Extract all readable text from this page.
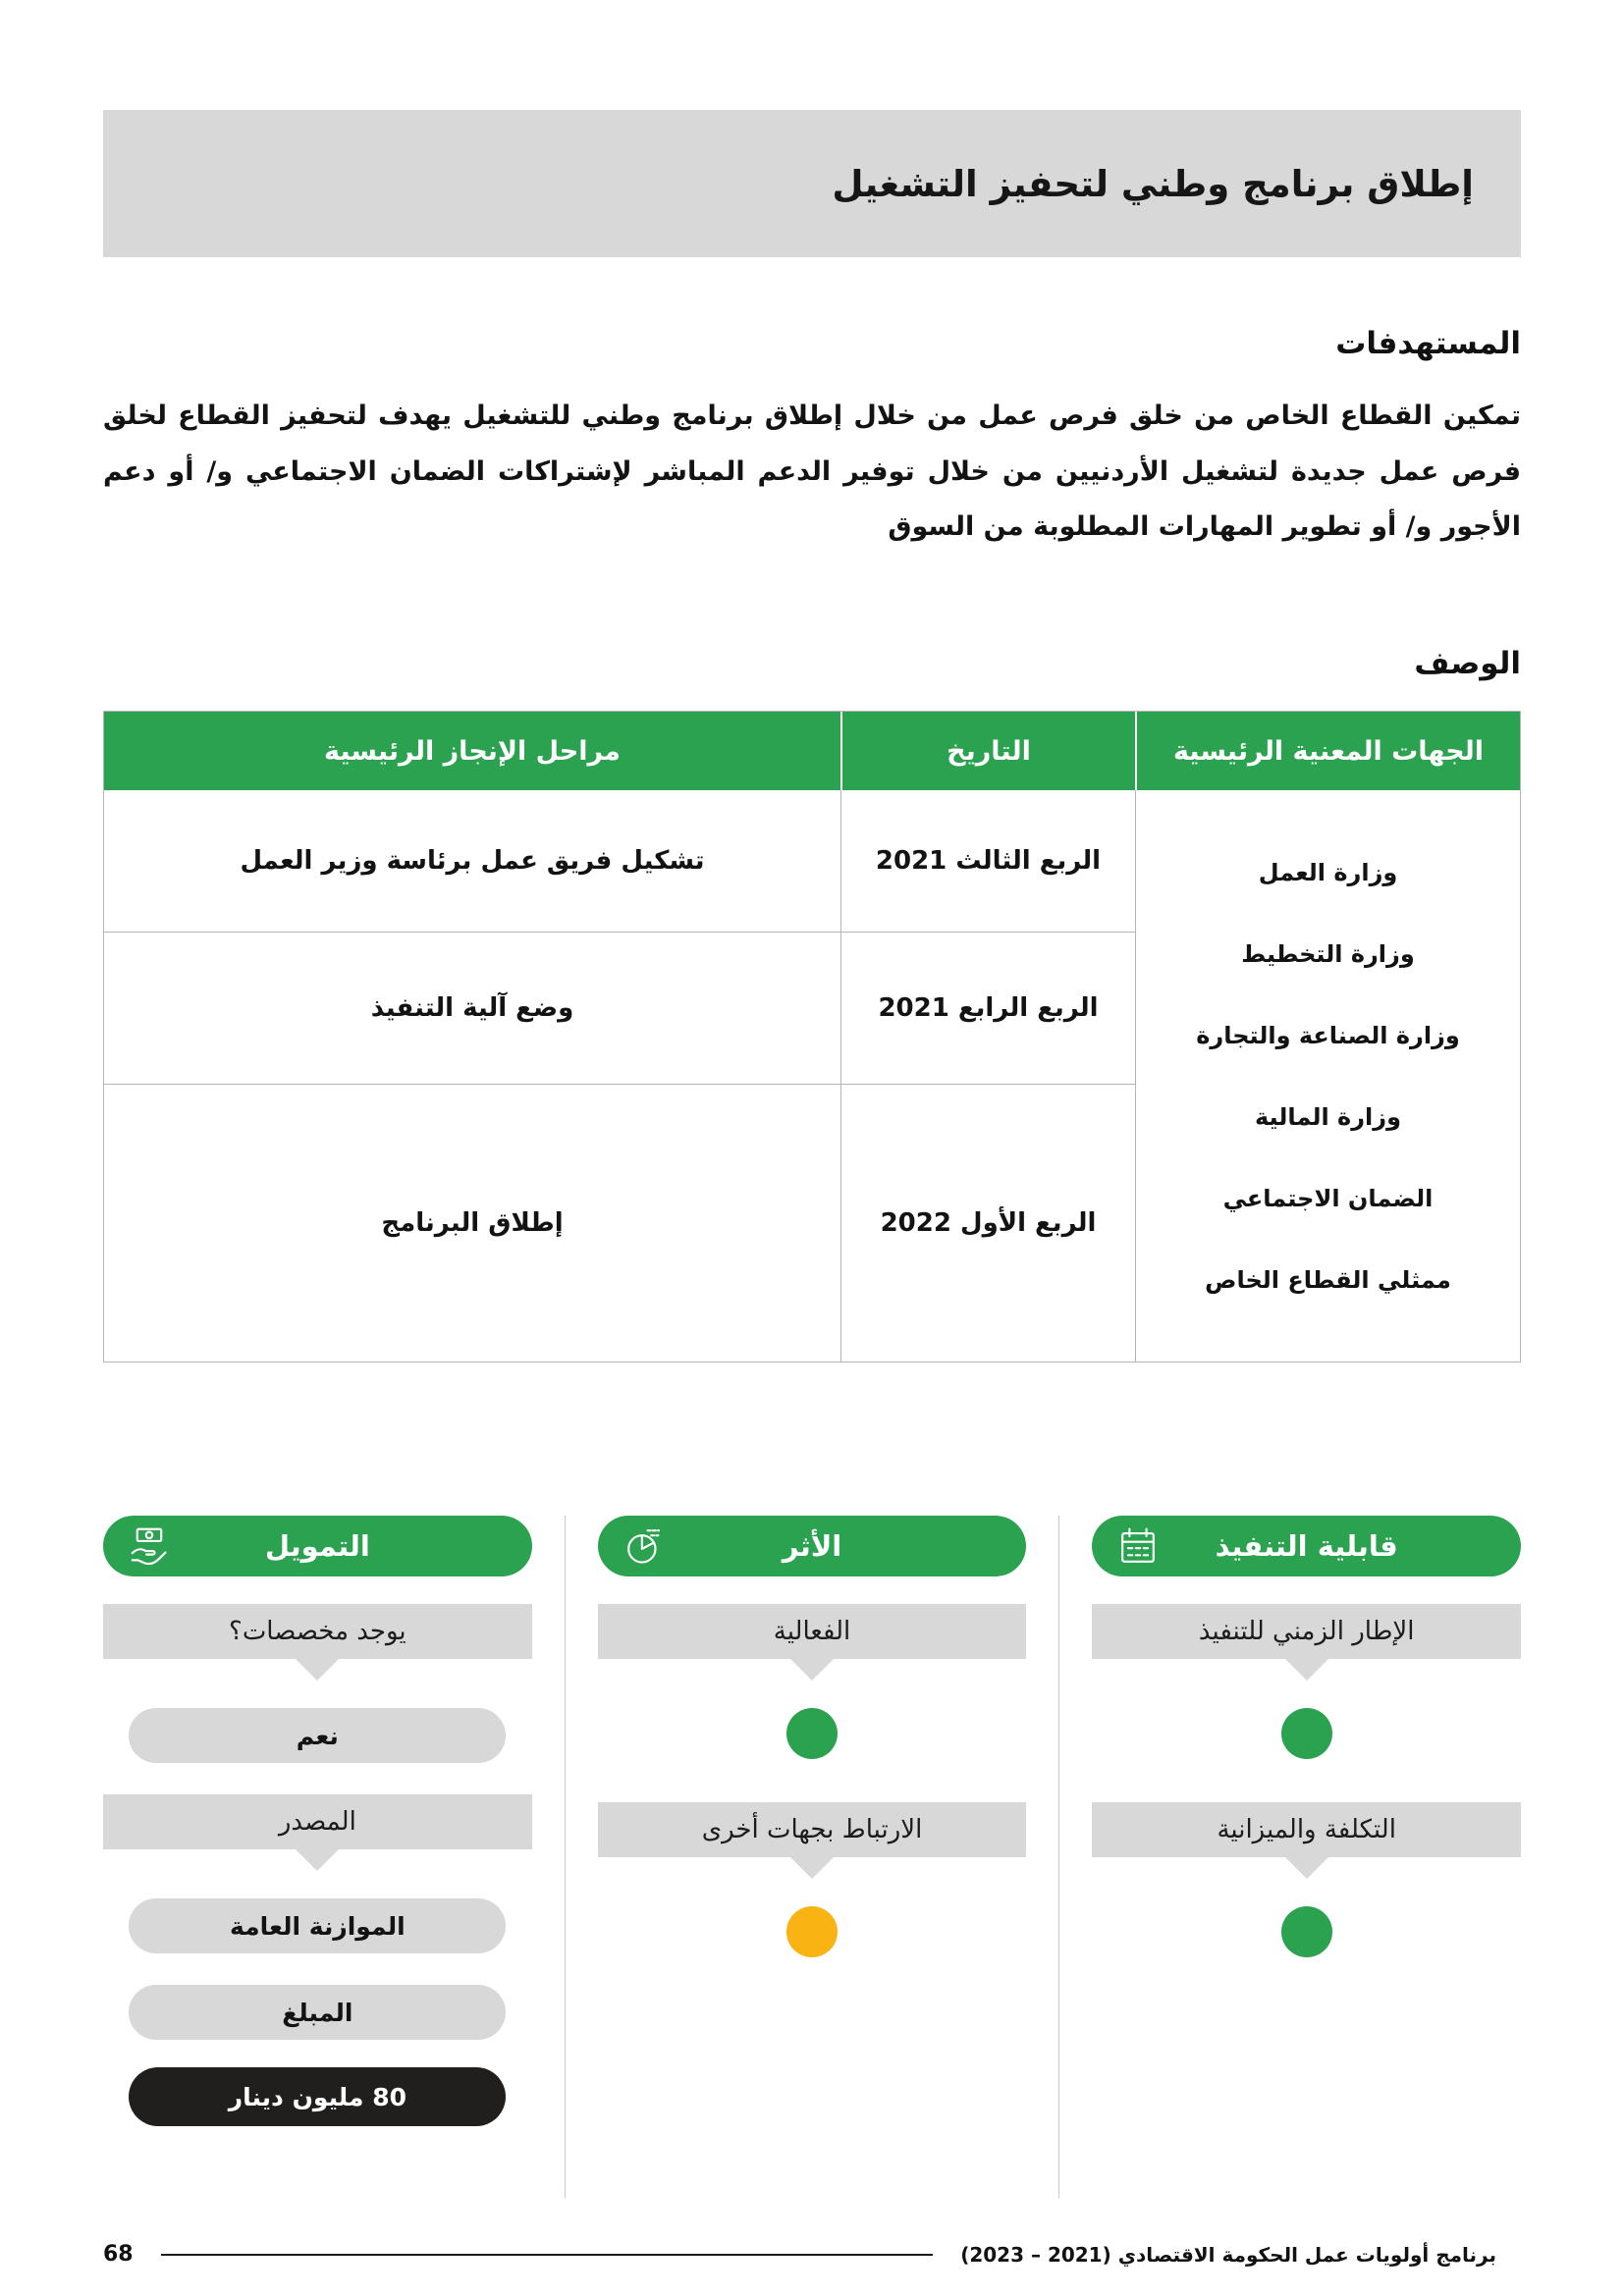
إطلاق برنامج وطني لتحفيز التشغيل
المستهدفات

تمكين القطاع الخاص من خلق فرص عمل من خلال إطلاق برنامج وطني للتشغيل يهدف لتحفيز القطاع لخلق فرص عمل جديدة لتشغيل الأردنيين من خلال توفير الدعم المباشر لإشتراكات الضمان الاجتماعي و/ أو دعم الأجور و/ أو تطوير المهارات المطلوبة من السوق

الوصف
الجهات المعنية الرئيسية
التاريخ
مراحل الإنجاز الرئيسية
وزارة العمل
وزارة التخطيط
وزارة الصناعة والتجارة
وزارة المالية
الضمان الاجتماعي
ممثلي القطاع الخاص
الربع الثالث 2021
تشكيل فريق عمل برئاسة وزير العمل
الربع الرابع 2021
وضع آلية التنفيذ
الربع الأول 2022
إطلاق البرنامج
قابلية التنفيذ
الإطار الزمني للتنفيذ
التكلفة والميزانية
الأثر
الفعالية
الارتباط بجهات أخرى
التمويل
يوجد مخصصات؟
نعم
المصدر
الموازنة العامة
المبلغ
80 مليون دينار
برنامج أولويات عمل الحكومة الاقتصادي (2021 – 2023)
68
